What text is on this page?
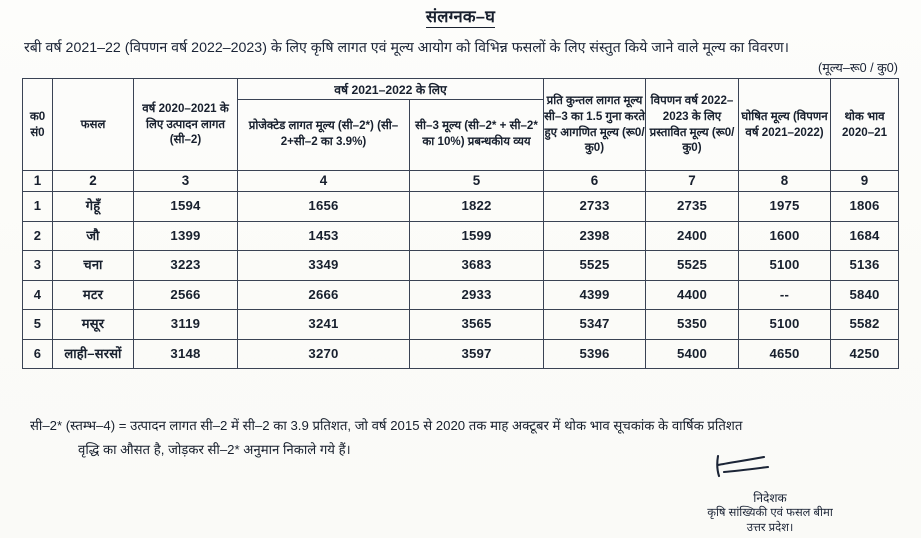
संलग्नक–घ
रबी वर्ष 2021–22 (विपणन वर्ष 2022–2023) के लिए कृषि लागत एवं मूल्य आयोग को विभिन्न फसलों के लिए संस्तुत किये जाने वाले मूल्य का विवरण।
(मूल्य–रू0 / कु0)
क0 सं0	फसल	वर्ष 2020–2021 के लिए उत्पादन लागत (सी–2)	वर्ष 2021–2022 के लिए		प्रति कुन्तल लागत मूल्य सी–3 का 1.5 गुना करते हुए आगणित मूल्य (रू0/कु0)	विपणन वर्ष 2022–2023 के लिए प्रस्तावित मूल्य (रू0/कु0)	घोषित मूल्य (विपणन वर्ष 2021–2022)	थोक भाव 2020–21
			प्रोजेक्टेड लागत मूल्य (सी–2*) (सी–2+सी–2 का 3.9%)	सी–3 मूल्य (सी–2* + सी–2* का 10%) प्रबन्धकीय व्यय				
1	2	3	4	5	6	7	8	9
1	गेहूँ	1594	1656	1822	2733	2735	1975	1806
2	जौ	1399	1453	1599	2398	2400	1600	1684
3	चना	3223	3349	3683	5525	5525	5100	5136
4	मटर	2566	2666	2933	4399	4400	--	5840
5	मसूर	3119	3241	3565	5347	5350	5100	5582
6	लाही–सरसों	3148	3270	3597	5396	5400	4650	4250
सी–2* (स्तम्भ–4) = उत्पादन लागत सी–2 में सी–2 का 3.9 प्रतिशत, जो वर्ष 2015 से 2020 तक माह अक्टूबर में थोक भाव सूचकांक के वार्षिक प्रतिशत
वृद्धि का औसत है, जोड़कर सी–2* अनुमान निकाले गये हैं।
निदेशक
कृषि सांख्यिकी एवं फसल बीमा
उत्तर प्रदेश।
